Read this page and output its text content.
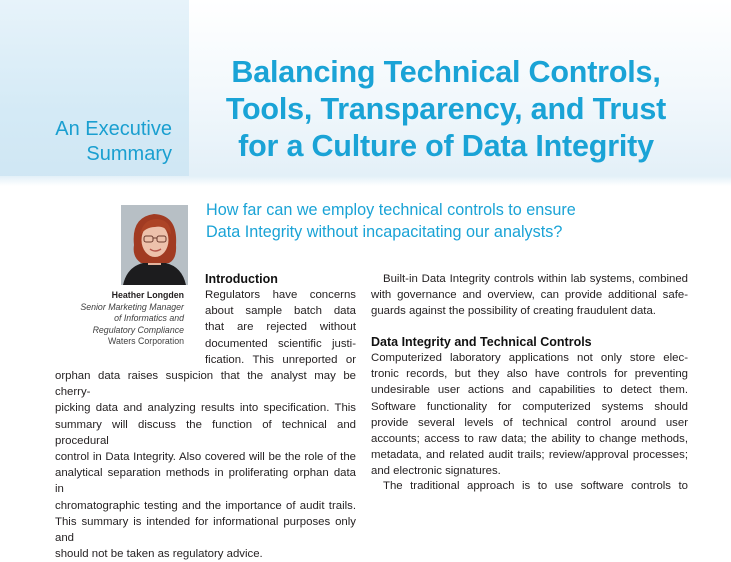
An Executive
Summary
Balancing Technical Controls,
Tools, Transparency, and Trust
for a Culture of Data Integrity
Heather Longden
Senior Marketing Manager
of Informatics and
Regulatory Compliance
Waters Corporation
How far can we employ technical controls to ensure
Data Integrity without incapacitating our analysts?
Introduction
Regulators have concerns
about sample batch data
that are rejected without
documented scientific justi-
fication. This unreported or
orphan data raises suspicion that the analyst may be cherry-
picking data and analyzing results into specification. This
summary will discuss the function of technical and procedural
control in Data Integrity. Also covered will be the role of the
analytical separation methods in proliferating orphan data in
chromatographic testing and the importance of audit trails.
This summary is intended for informational purposes only and
should not be taken as regulatory advice.
Built-in Data Integrity controls within lab systems, combined
with governance and overview, can provide additional safe-
guards against the possibility of creating fraudulent data.
Data Integrity and Technical Controls
Computerized laboratory applications not only store elec-
tronic records, but they also have controls for preventing
undesirable user actions and capabilities to detect them.
Software functionality for computerized systems should
provide several levels of technical control around user
accounts; access to raw data; the ability to change methods,
metadata, and related audit trails; review/approval processes;
and electronic signatures.
The traditional approach is to use software controls to
